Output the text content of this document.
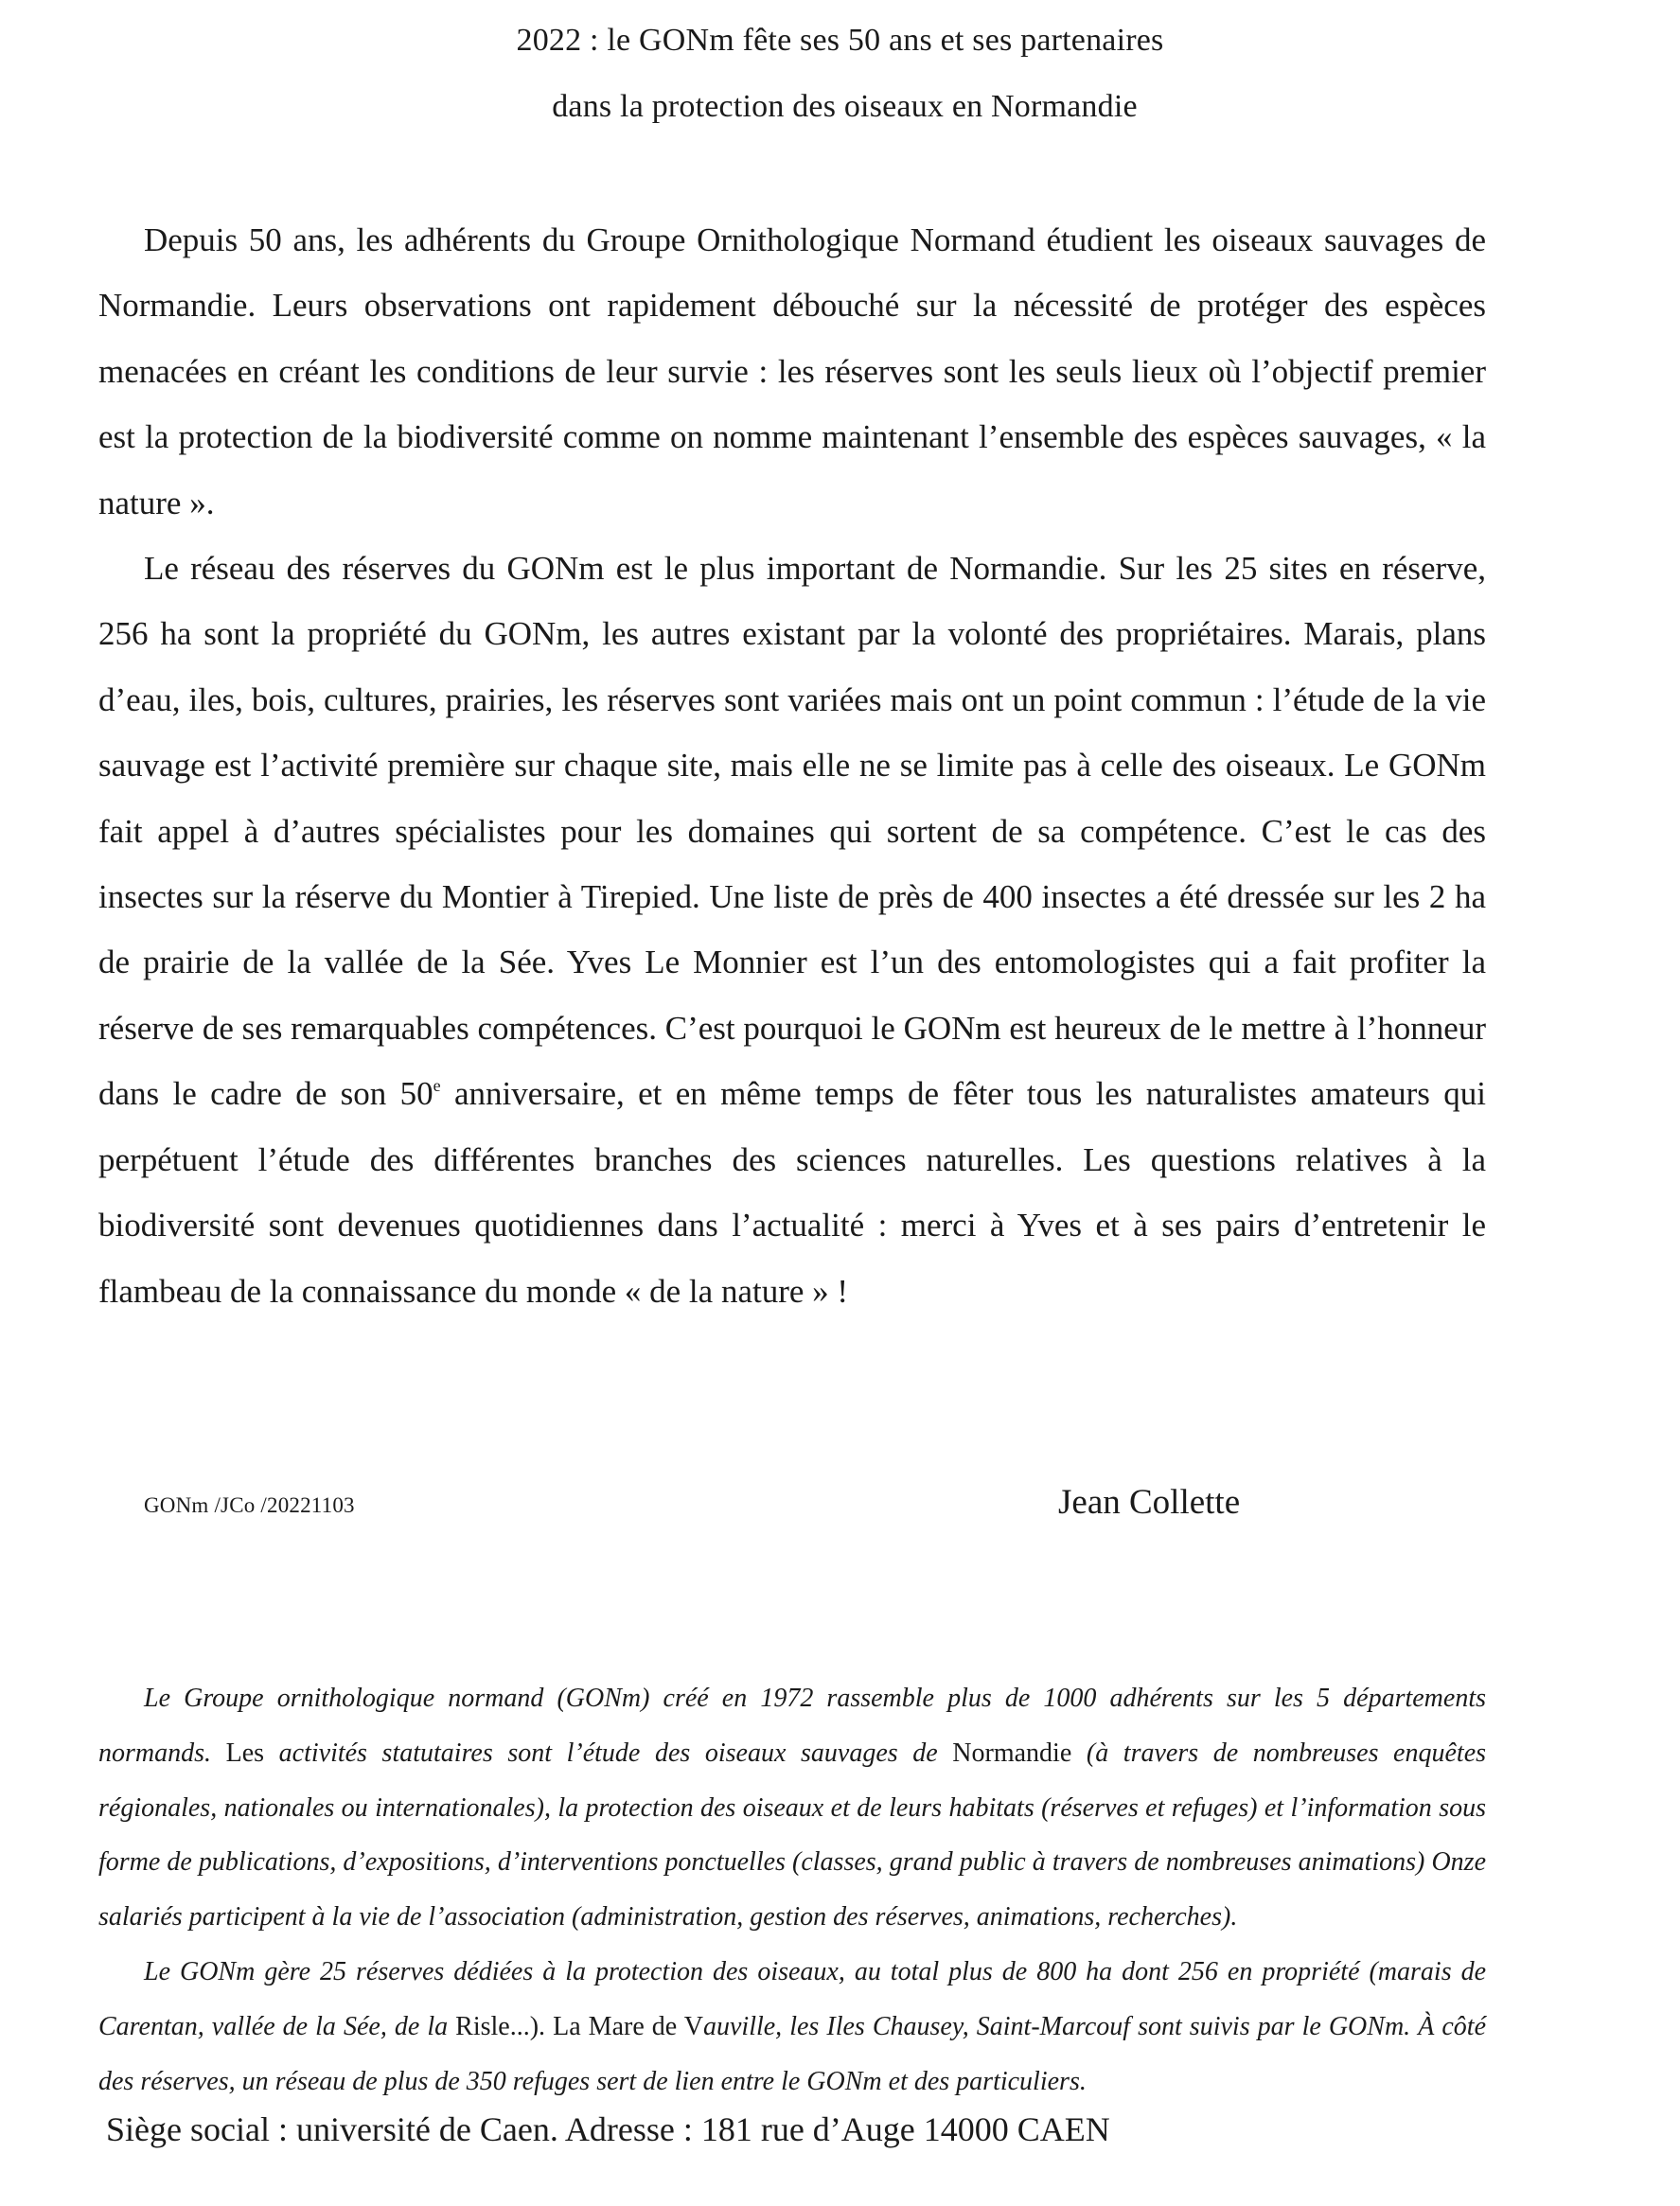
2022 : le GONm fête ses 50 ans et ses partenaires
dans la protection des oiseaux en Normandie

Depuis 50 ans, les adhérents du Groupe Ornithologique Normand étudient les oiseaux sauvages de Normandie. Leurs observations ont rapidement débouché sur la nécessité de protéger des espèces menacées en créant les conditions de leur survie : les réserves sont les seuls lieux où l’objectif premier est la protection de la biodiversité comme on nomme maintenant l’ensemble des espèces sauvages, « la nature ».

Le réseau des réserves du GONm est le plus important de Normandie. Sur les 25 sites en réserve, 256 ha sont la propriété du GONm, les autres existant par la volonté des propriétaires. Marais, plans d’eau, iles, bois, cultures, prairies, les réserves sont variées mais ont un point commun : l’étude de la vie sauvage est l’activité première sur chaque site, mais elle ne se limite pas à celle des oiseaux. Le GONm fait appel à d’autres spécialistes pour les domaines qui sortent de sa compétence. C’est le cas des insectes sur la réserve du Montier à Tirepied. Une liste de près de 400 insectes a été dressée sur les 2 ha de prairie de la vallée de la Sée. Yves Le Monnier est l’un des entomologistes qui a fait profiter la réserve de ses remarquables compétences. C’est pourquoi le GONm est heureux de le mettre à l’honneur dans le cadre de son 50e anniversaire, et en même temps de fêter tous les naturalistes amateurs qui perpétuent l’étude des différentes branches des sciences naturelles. Les questions relatives à la biodiversité sont devenues quotidiennes dans l’actualité : merci à Yves et à ses pairs d’entretenir le flambeau de la connaissance du monde « de la nature » !

GONm /JCo /20221103	Jean Collette

Le Groupe ornithologique normand (GONm) créé en 1972 rassemble plus de 1000 adhérents sur les 5 départements normands. Les activités statutaires sont l’étude des oiseaux sauvages de Normandie (à travers de nombreuses enquêtes régionales, nationales ou internationales), la protection des oiseaux et de leurs habitats (réserves et refuges) et l’information sous forme de publications, d’expositions, d’interventions ponctuelles (classes, grand public à travers de nombreuses animations) Onze salariés participent à la vie de l’association (administration, gestion des réserves, animations, recherches).

Le GONm gère 25 réserves dédiées à la protection des oiseaux, au total plus de 800 ha dont 256 en propriété (marais de Carentan, vallée de la Sée, de la Risle...). La Mare de Vauville, les Iles Chausey, Saint-Marcouf sont suivis par le GONm. À côté des réserves, un réseau de plus de 350 refuges sert de lien entre le GONm et des particuliers.

Siège social : université de Caen. Adresse : 181 rue d’Auge 14000 CAEN
